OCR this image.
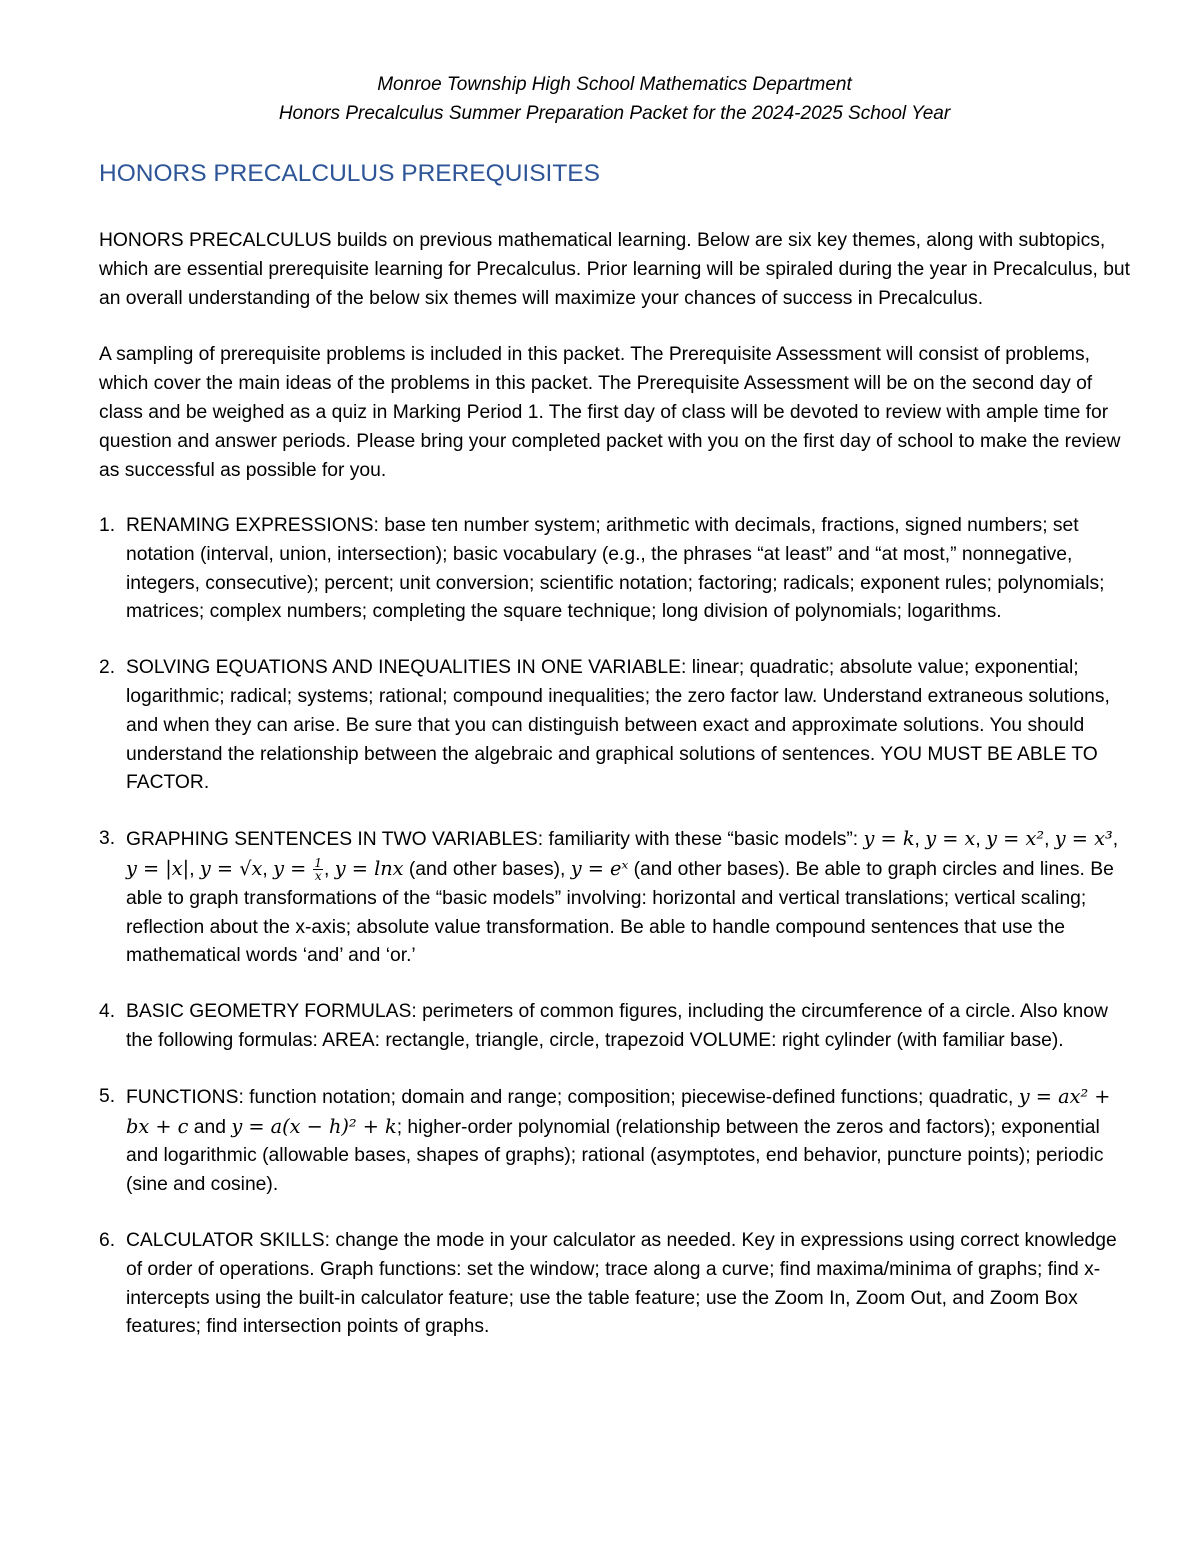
Monroe Township High School Mathematics Department
Honors Precalculus Summer Preparation Packet for the 2024-2025 School Year
HONORS PRECALCULUS PREREQUISITES

HONORS PRECALCULUS builds on previous mathematical learning. Below are six key themes, along with subtopics, which are essential prerequisite learning for Precalculus. Prior learning will be spiraled during the year in Precalculus, but an overall understanding of the below six themes will maximize your chances of success in Precalculus.

A sampling of prerequisite problems is included in this packet. The Prerequisite Assessment will consist of problems, which cover the main ideas of the problems in this packet. The Prerequisite Assessment will be on the second day of class and be weighed as a quiz in Marking Period 1. The first day of class will be devoted to review with ample time for question and answer periods. Please bring your completed packet with you on the first day of school to make the review as successful as possible for you.

1. RENAMING EXPRESSIONS: base ten number system; arithmetic with decimals, fractions, signed numbers; set notation (interval, union, intersection); basic vocabulary (e.g., the phrases “at least” and “at most,” nonnegative, integers, consecutive); percent; unit conversion; scientific notation; factoring; radicals; exponent rules; polynomials; matrices; complex numbers; completing the square technique; long division of polynomials; logarithms.
2. SOLVING EQUATIONS AND INEQUALITIES IN ONE VARIABLE: linear; quadratic; absolute value; exponential; logarithmic; radical; systems; rational; compound inequalities; the zero factor law. Understand extraneous solutions, and when they can arise. Be sure that you can distinguish between exact and approximate solutions. You should understand the relationship between the algebraic and graphical solutions of sentences. YOU MUST BE ABLE TO FACTOR.
3. GRAPHING SENTENCES IN TWO VARIABLES: familiarity with these “basic models”: y = k, y = x, y = x², y = x³, y = |x|, y = √x, $y = \frac{1}{x}$ , y = lnx (and other bases), y = eˣ (and other bases). Be able to graph circles and lines. Be able to graph transformations of the “basic models” involving: horizontal and vertical translations; vertical scaling; reflection about the x-axis; absolute value transformation. Be able to handle compound sentences that use the mathematical words ‘and’ and ‘or.’
4. BASIC GEOMETRY FORMULAS: perimeters of common figures, including the circumference of a circle. Also know the following formulas: AREA: rectangle, triangle, circle, trapezoid VOLUME: right cylinder (with familiar base).
5. FUNCTIONS: function notation; domain and range; composition; piecewise-defined functions; quadratic, y = ax² + bx + c and y = a(x − h)² + k; higher-order polynomial (relationship between the zeros and factors); exponential and logarithmic (allowable bases, shapes of graphs); rational (asymptotes, end behavior, puncture points); periodic (sine and cosine).
6. CALCULATOR SKILLS: change the mode in your calculator as needed. Key in expressions using correct knowledge of order of operations. Graph functions: set the window; trace along a curve; find maxima/minima of graphs; find x-intercepts using the built-in calculator feature; use the table feature; use the Zoom In, Zoom Out, and Zoom Box features; find intersection points of graphs.
